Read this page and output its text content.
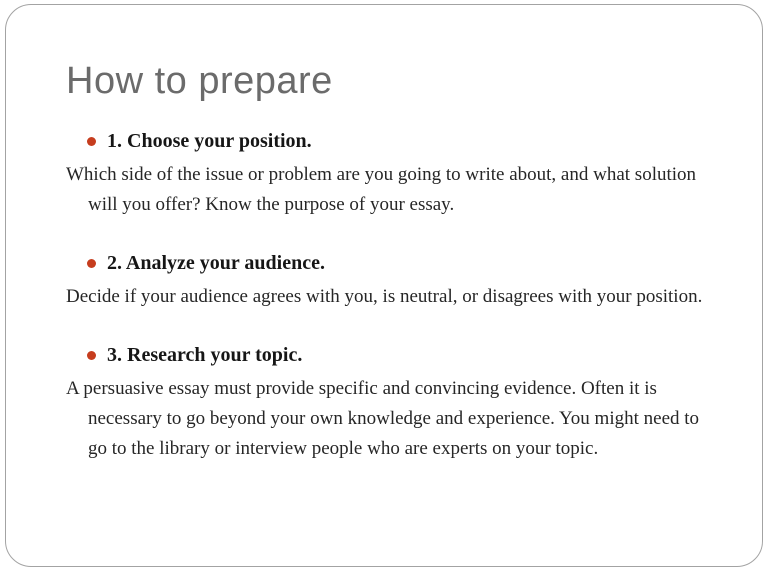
How to prepare
1. Choose your position.

Which side of the issue or problem are you going to write about, and what solution will you offer? Know the purpose of your essay.

2. Analyze your audience.

Decide if your audience agrees with you, is neutral, or disagrees with your position.

3. Research your topic.

A persuasive essay must provide specific and convincing evidence. Often it is necessary to go beyond your own knowledge and experience. You might need to go to the library or interview people who are experts on your topic.
